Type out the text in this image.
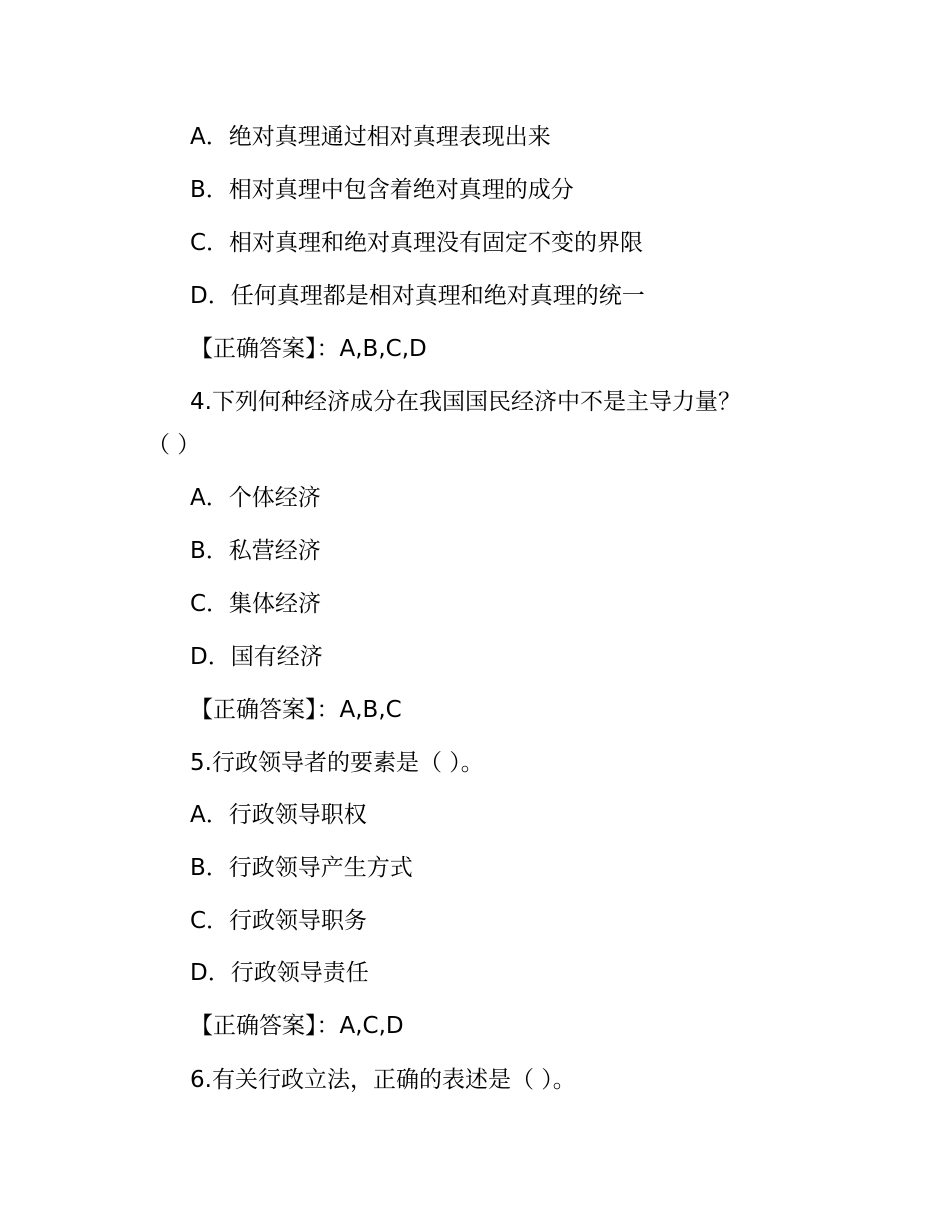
A．绝对真理通过相对真理表现出来
B．相对真理中包含着绝对真理的成分
C．相对真理和绝对真理没有固定不变的界限
D．任何真理都是相对真理和绝对真理的统一
【正确答案】：A,B,C,D
4.下列何种经济成分在我国国民经济中不是主导力量？
（ ）
A．个体经济
B．私营经济
C．集体经济
D．国有经济
【正确答案】：A,B,C
5.行政领导者的要素是（ ）。
A．行政领导职权
B．行政领导产生方式
C．行政领导职务
D．行政领导责任
【正确答案】：A,C,D
6.有关行政立法，正确的表述是（ ）。
